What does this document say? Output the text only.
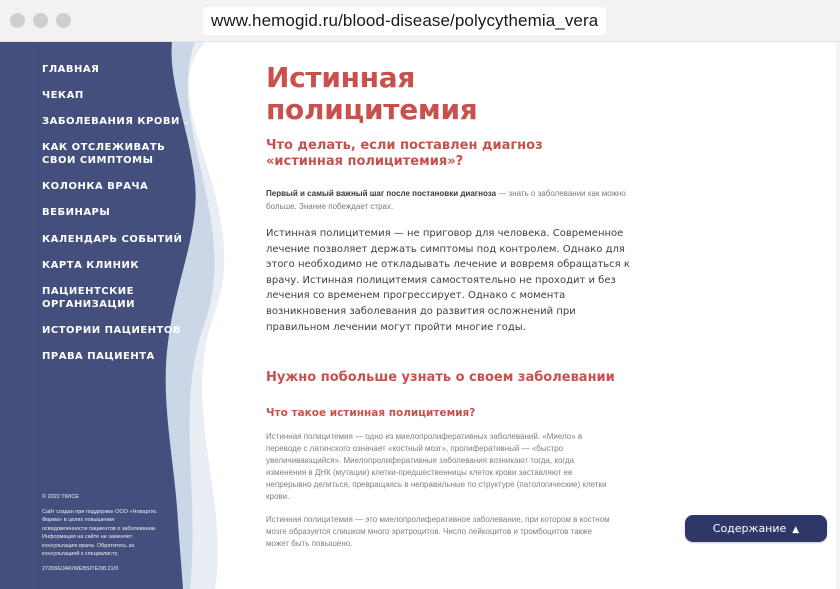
www.hemogid.ru/blood-disease/polycythemia_vera
ГЛАВНАЯ
ЧЕКАП
ЗАБОЛЕВАНИЯ КРОВИ ⌄
КАК ОТСЛЕЖИВАТЬ
СВОИ СИМПТОМЫ
КОЛОНКА ВРАЧА
ВЕБИНАРЫ
КАЛЕНДАРЬ СОБЫТИЙ
КАРТА КЛИНИК
ПАЦИЕНТСКИЕ
ОРГАНИЗАЦИИ
ИСТОРИИ ПАЦИЕНТОВ
ПРАВА ПАЦИЕНТА

© 2022 TWICE

Сайт создан при поддержке ООО «Новартис Фарма» в целях повышения осведомленности пациентов о заболевании. Информация на сайте не заменяет консультацию врача. Обратитесь за консультацией к специалисту.

272066/JAK/WEBSITE/08.21/0

Истинная полицитемия
Что делать, если поставлен диагноз «истинная полицитемия»?

Первый и самый важный шаг после постановки диагноза — знать о заболевании как можно больше. Знание побеждает страх.

Истинная полицитемия — не приговор для человека. Современное лечение позволяет держать симптомы под контролем. Однако для этого необходимо не откладывать лечение и вовремя обращаться к врачу. Истинная полицитемия самостоятельно не проходит и без лечения со временем прогрессирует. Однако с момента возникновения заболевания до развития осложнений при правильном лечении могут пройти многие годы.

Нужно побольше узнать о своем заболевании
Что такое истинная полицитемия?

Истинная полицитемия — одно из миелопролиферативных заболеваний. «Миело» в переводе с латинского означает «костный мозг», пролиферативный — «быстро увеличивающийся». Миелопролиферативные заболевания возникают тогда, когда изменения в ДНК (мутации) клетки-предшественницы клеток крови заставляют ее непрерывно делиться, превращаясь в неправильные по структуре (патологические) клетки крови.

Истинная полицитемия — это миелопролиферативное заболевание, при котором в костном мозге образуется слишком много эритроцитов. Число лейкоцитов и тромбоцитов также может быть повышено.

Содержание ▲
